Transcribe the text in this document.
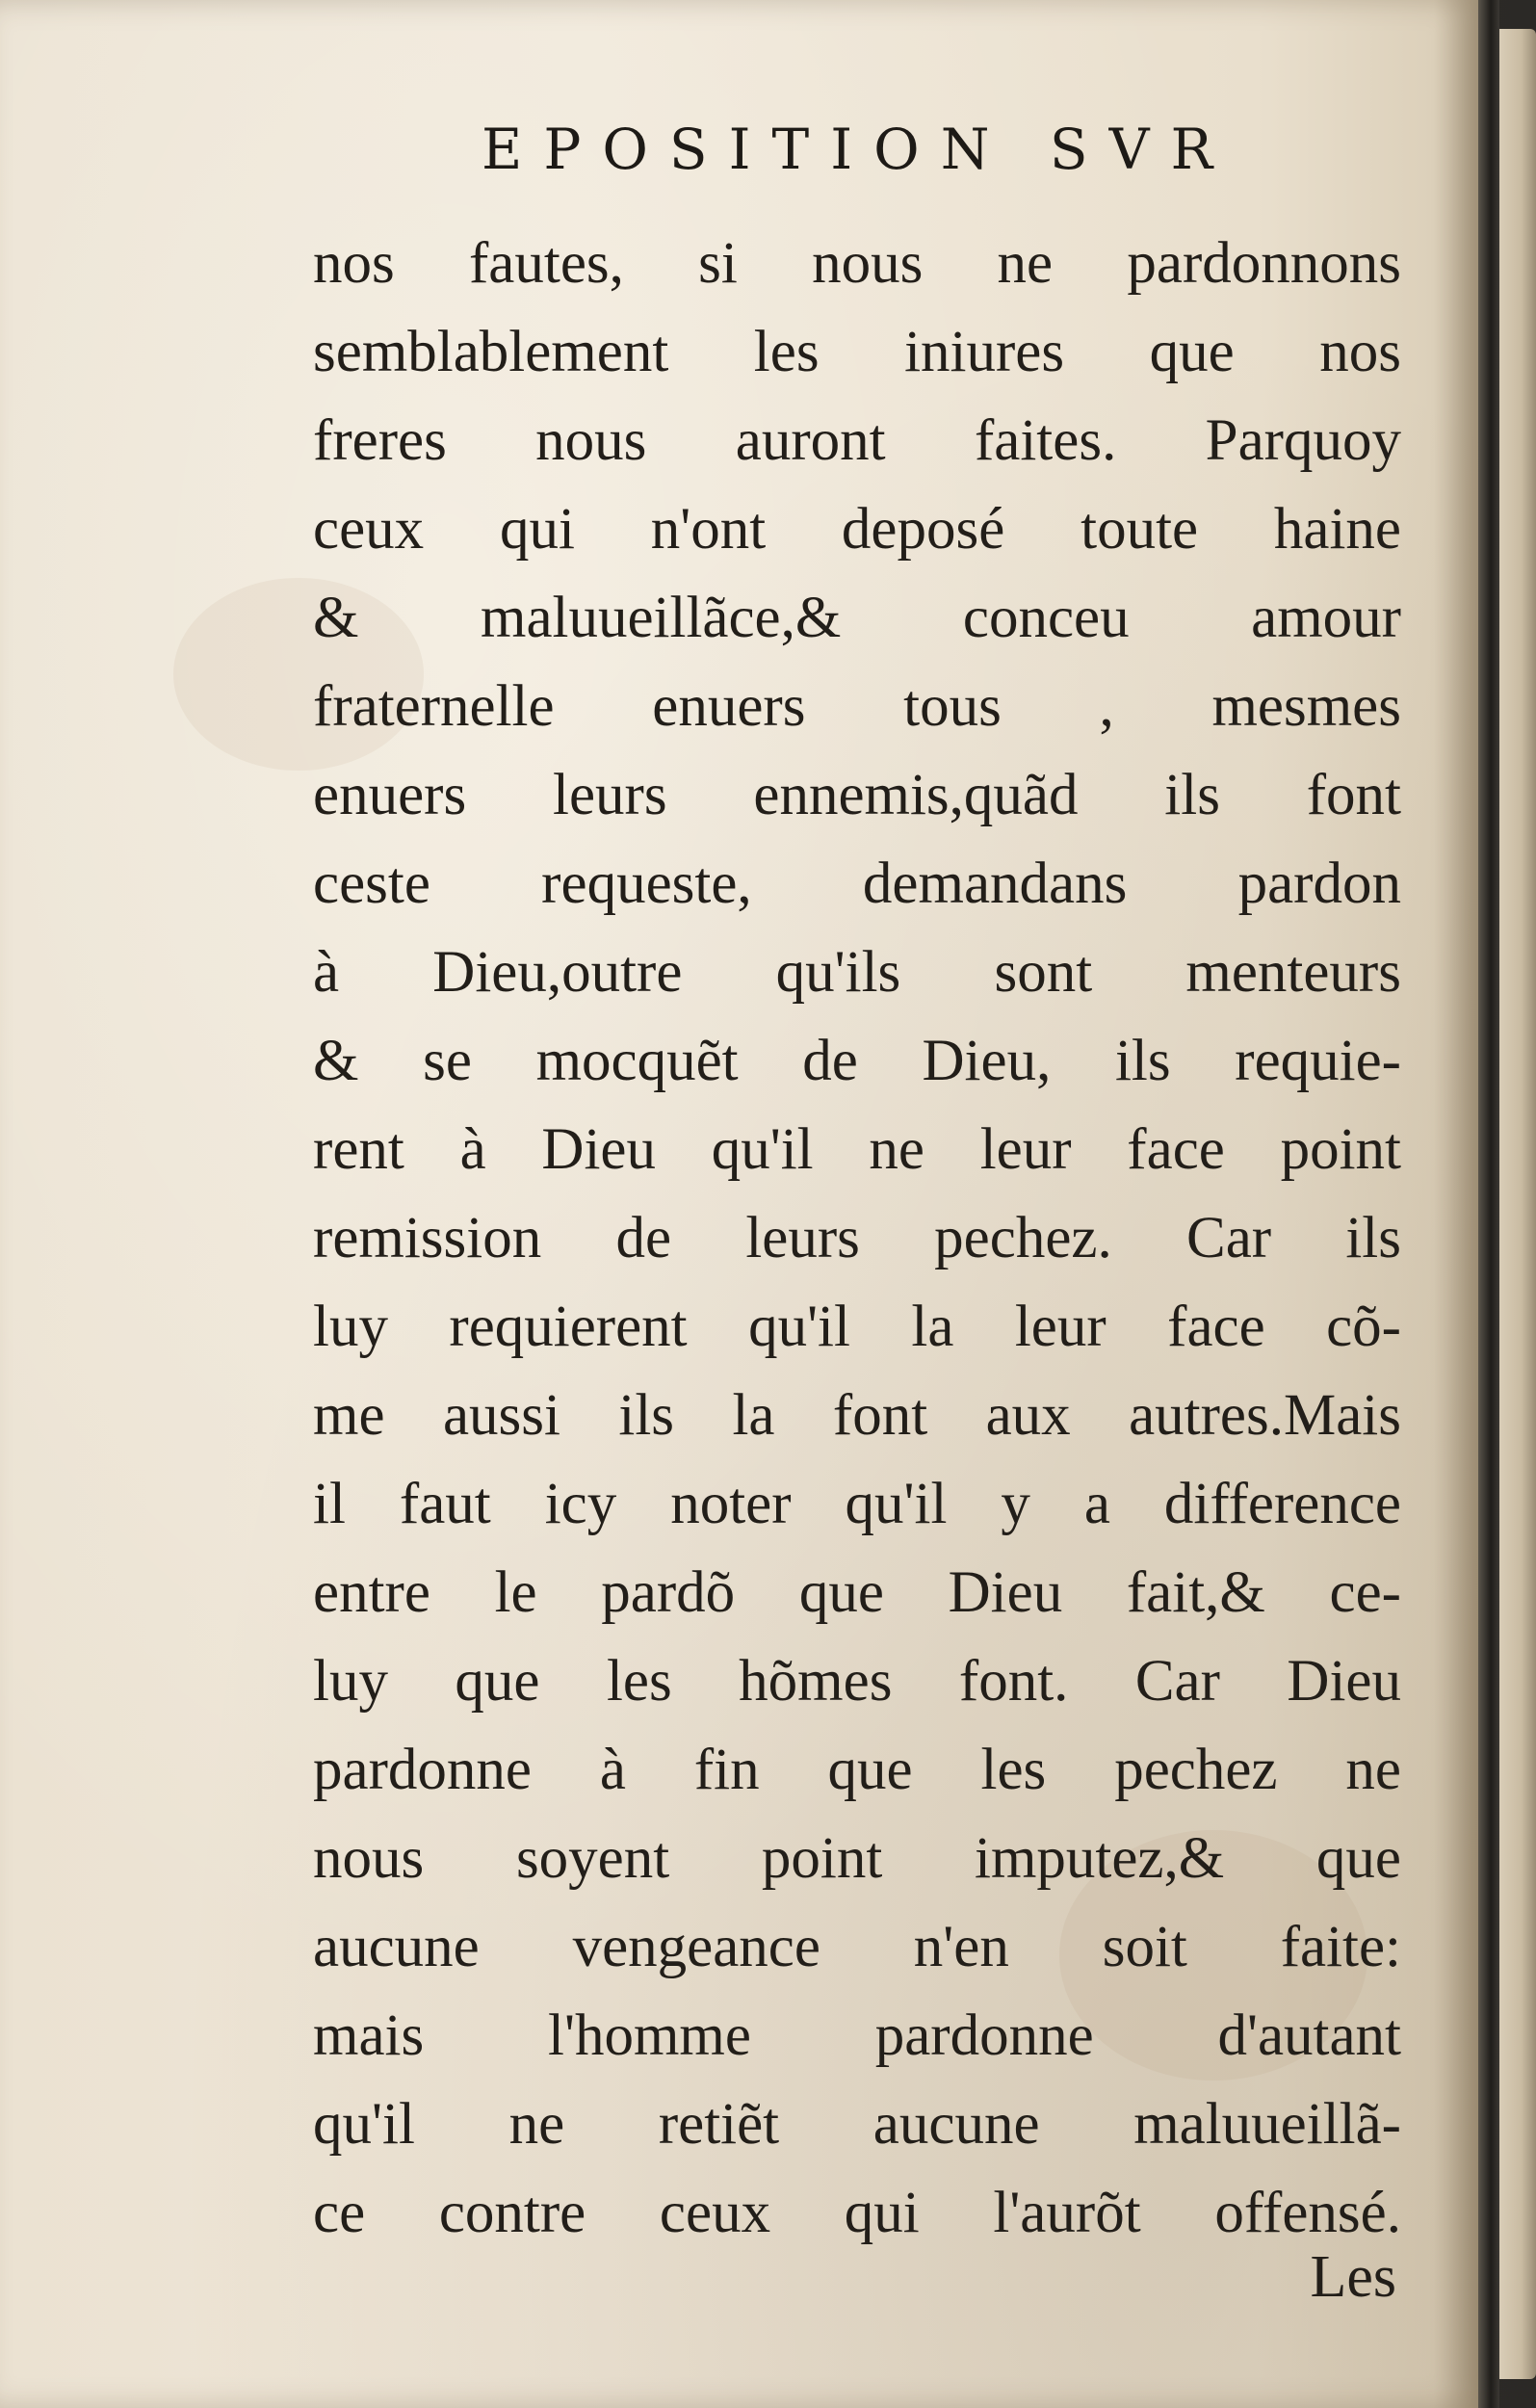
EPOSITION SVR
nos fautes, si nous ne pardonnons
semblablement les iniures que nos
freres nous auront faites. Parquoy
ceux qui n'ont deposé toute haine
& maluueillãce,& conceu amour
fraternelle enuers tous , mesmes
enuers leurs ennemis,quãd ils font
ceste requeste, demandans pardon
à Dieu,outre qu'ils sont menteurs
& se mocquẽt de Dieu, ils requie-
rent à Dieu qu'il ne leur face point
remission de leurs pechez. Car ils
luy requierent qu'il la leur face cõ-
me aussi ils la font aux autres.Mais
il faut icy noter qu'il y a difference
entre le pardõ que Dieu fait,& ce-
luy que les hõmes font. Car Dieu
pardonne à fin que les pechez ne
nous soyent point imputez,& que
aucune vengeance n'en soit faite:
mais l'homme pardonne d'autant
qu'il ne retiẽt aucune maluueillã-
ce contre ceux qui l'aurõt offensé.
Les
